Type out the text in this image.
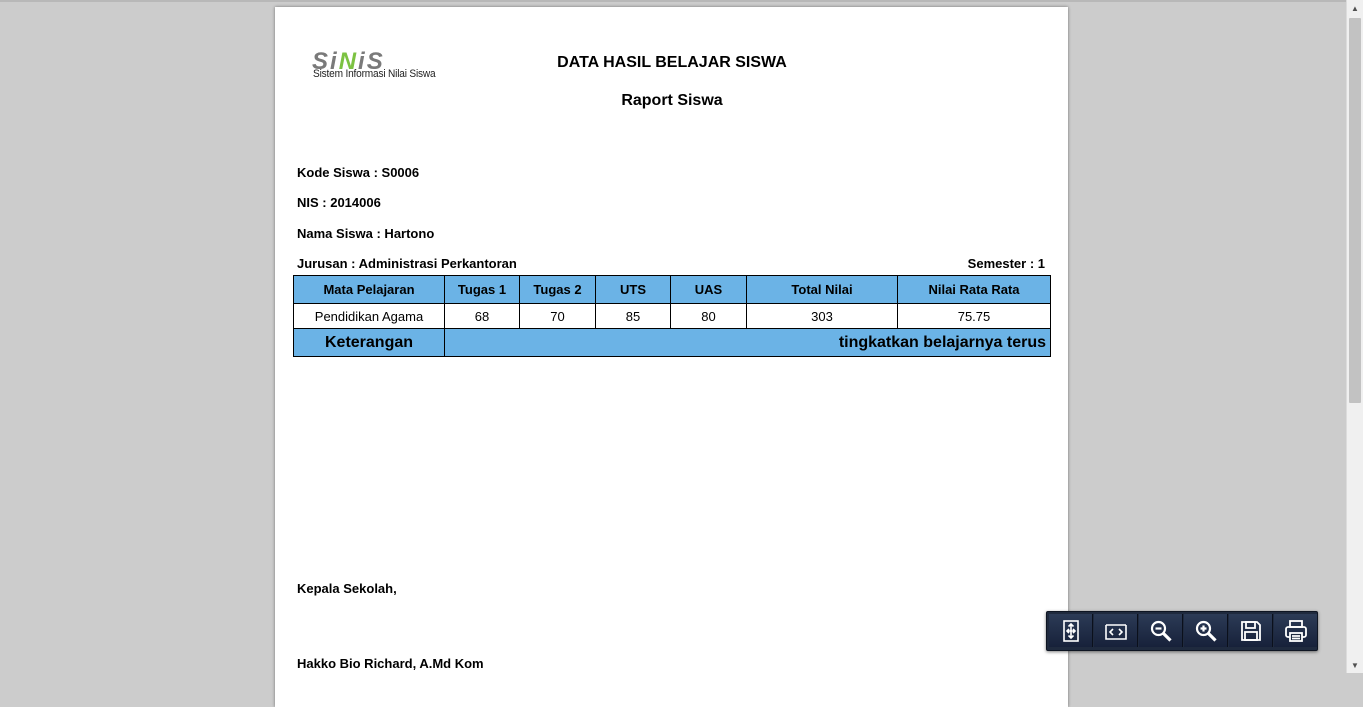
SiNiS
Sistem Informasi Nilai Siswa
DATA HASIL BELAJAR SISWA
Raport Siswa
Kode Siswa : S0006
NIS : 2014006
Nama Siswa : Hartono
Jurusan : Administrasi Perkantoran	Semester : 1
Mata Pelajaran	Tugas 1	Tugas 2	UTS	UAS	Total Nilai	Nilai Rata Rata
Pendidikan Agama	68	70	85	80	303	75.75
Keterangan	tingkatkan belajarnya terus					
Kepala Sekolah,
Hakko Bio Richard, A.Md Kom
▲
▼
